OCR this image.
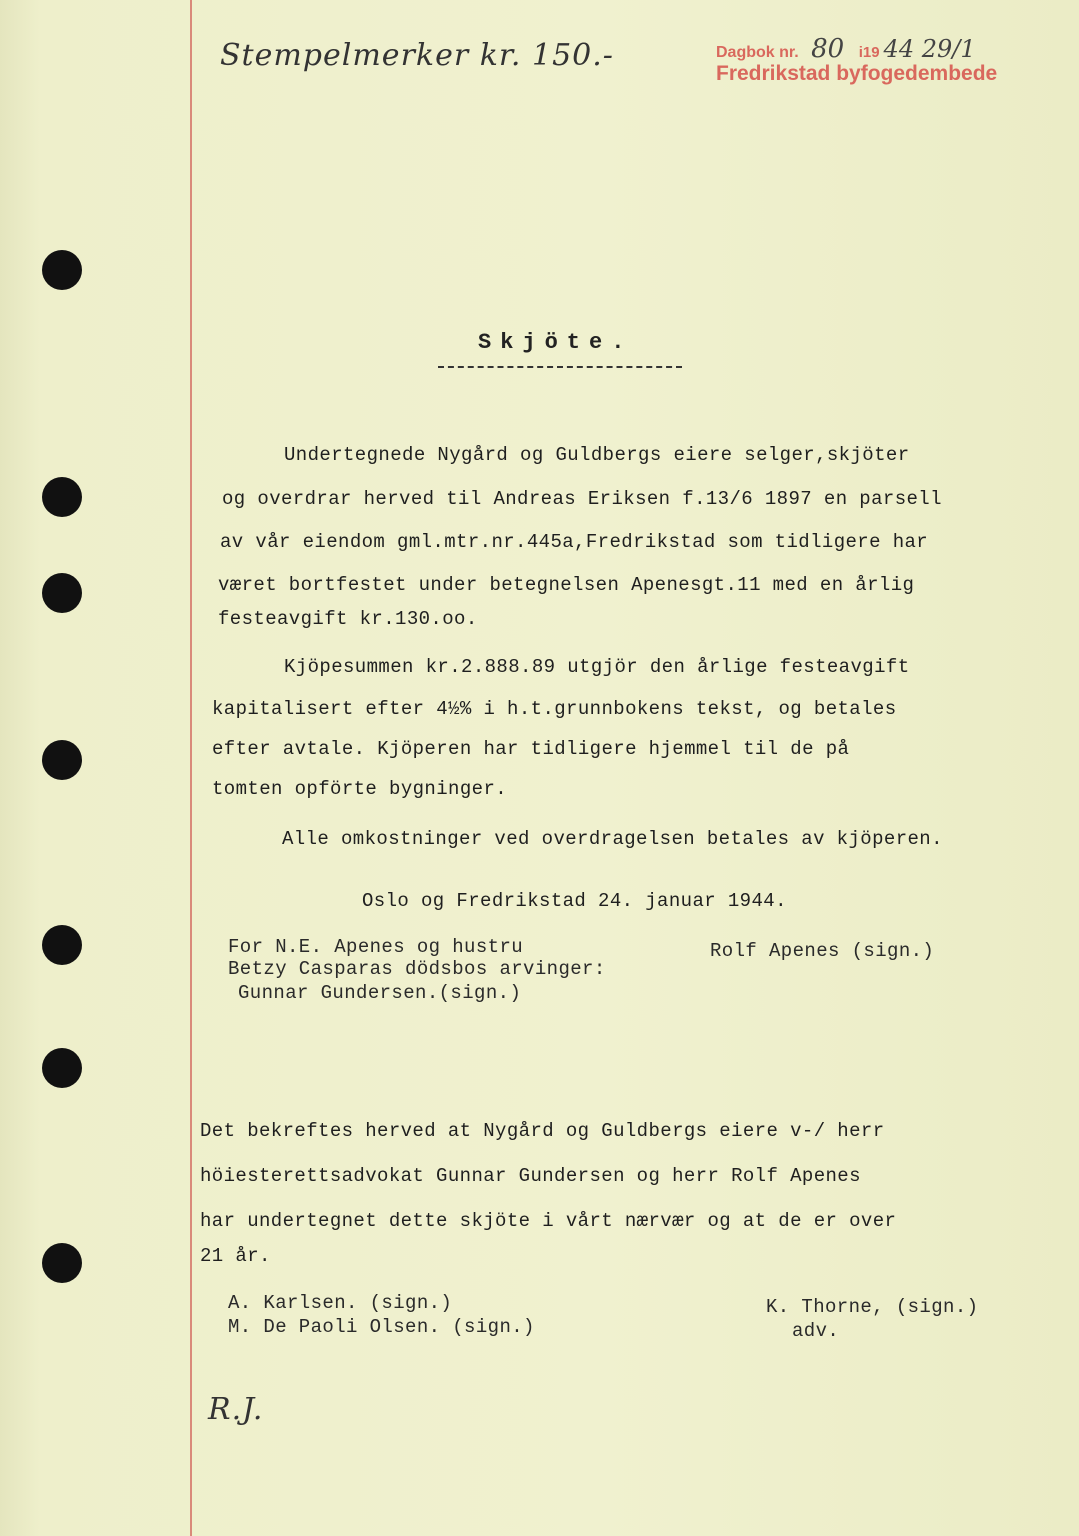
Stempelmerker kr. 150.-	Dagbok nr. 80 i19 44 29/1
Fredrikstad byfogedembede
Skjöte.
Undertegnede Nygård og Guldbergs eiere selger,skjöter
og overdrar herved til Andreas Eriksen f.13/6 1897 en parsell
av vår eiendom gml.mtr.nr.445a,Fredrikstad som tidligere har
været bortfestet under betegnelsen Apenesgt.11 med en årlig
festeavgift kr.130.oo.
Kjöpesummen kr.2.888.89 utgjör den årlige festeavgift
kapitalisert efter 4½% i h.t.grunnbokens tekst, og betales
efter avtale. Kjöperen har tidligere hjemmel til de på
tomten opförte bygninger.
Alle omkostninger ved overdragelsen betales av kjöperen.
Oslo og Fredrikstad 24. januar 1944.
For N.E. Apenes og hustru
Betzy Casparas dödsbos arvinger:
Gunnar Gundersen.(sign.)
Rolf Apenes (sign.)
Det bekreftes herved at Nygård og Guldbergs eiere v-/ herr
höiesterettsadvokat Gunnar Gundersen og herr Rolf Apenes
har undertegnet dette skjöte i vårt nærvær og at de er over
21 år.
A. Karlsen. (sign.)
M. De Paoli Olsen. (sign.)
K. Thorne, (sign.)
adv.
R.J.
